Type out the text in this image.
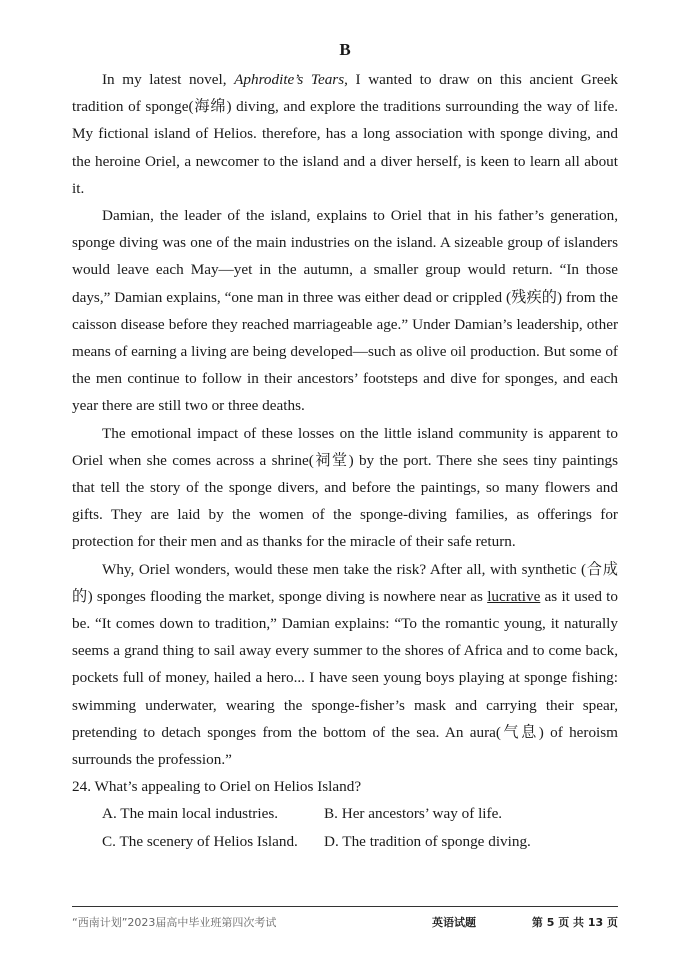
B

In my latest novel, Aphrodite’s Tears, I wanted to draw on this ancient Greek tradition of sponge(海绵) diving, and explore the traditions surrounding the way of life. My fictional island of Helios. therefore, has a long association with sponge diving, and the heroine Oriel, a newcomer to the island and a diver herself, is keen to learn all about it.

Damian, the leader of the island, explains to Oriel that in his father’s generation, sponge diving was one of the main industries on the island. A sizeable group of islanders would leave each May—yet in the autumn, a smaller group would return. “In those days,” Damian explains, “one man in three was either dead or crippled (残疾的) from the caisson disease before they reached marriageable age.” Under Damian’s leadership, other means of earning a living are being developed—such as olive oil production. But some of the men continue to follow in their ancestors’ footsteps and dive for sponges, and each year there are still two or three deaths.

The emotional impact of these losses on the little island community is apparent to Oriel when she comes across a shrine(祠堂) by the port. There she sees tiny paintings that tell the story of the sponge divers, and before the paintings, so many flowers and gifts. They are laid by the women of the sponge-diving families, as offerings for protection for their men and as thanks for the miracle of their safe return.

Why, Oriel wonders, would these men take the risk? After all, with synthetic (合成的) sponges flooding the market, sponge diving is nowhere near as lucrative as it used to be. “It comes down to tradition,” Damian explains: “To the romantic young, it naturally seems a grand thing to sail away every summer to the shores of Africa and to come back, pockets full of money, hailed a hero... I have seen young boys playing at sponge fishing: swimming underwater, wearing the sponge-fisher’s mask and carrying their spear, pretending to detach sponges from the bottom of the sea. An aura(气息) of heroism surrounds the profession.”

24. What’s appealing to Oriel on Helios Island?
A. The main local industries.	B. Her ancestors’ way of life.
C. The scenery of Helios Island.	D. The tradition of sponge diving.
“西南计划”2023届高中毕业班第四次考试	英语试题	第 5 页 共 13 页
